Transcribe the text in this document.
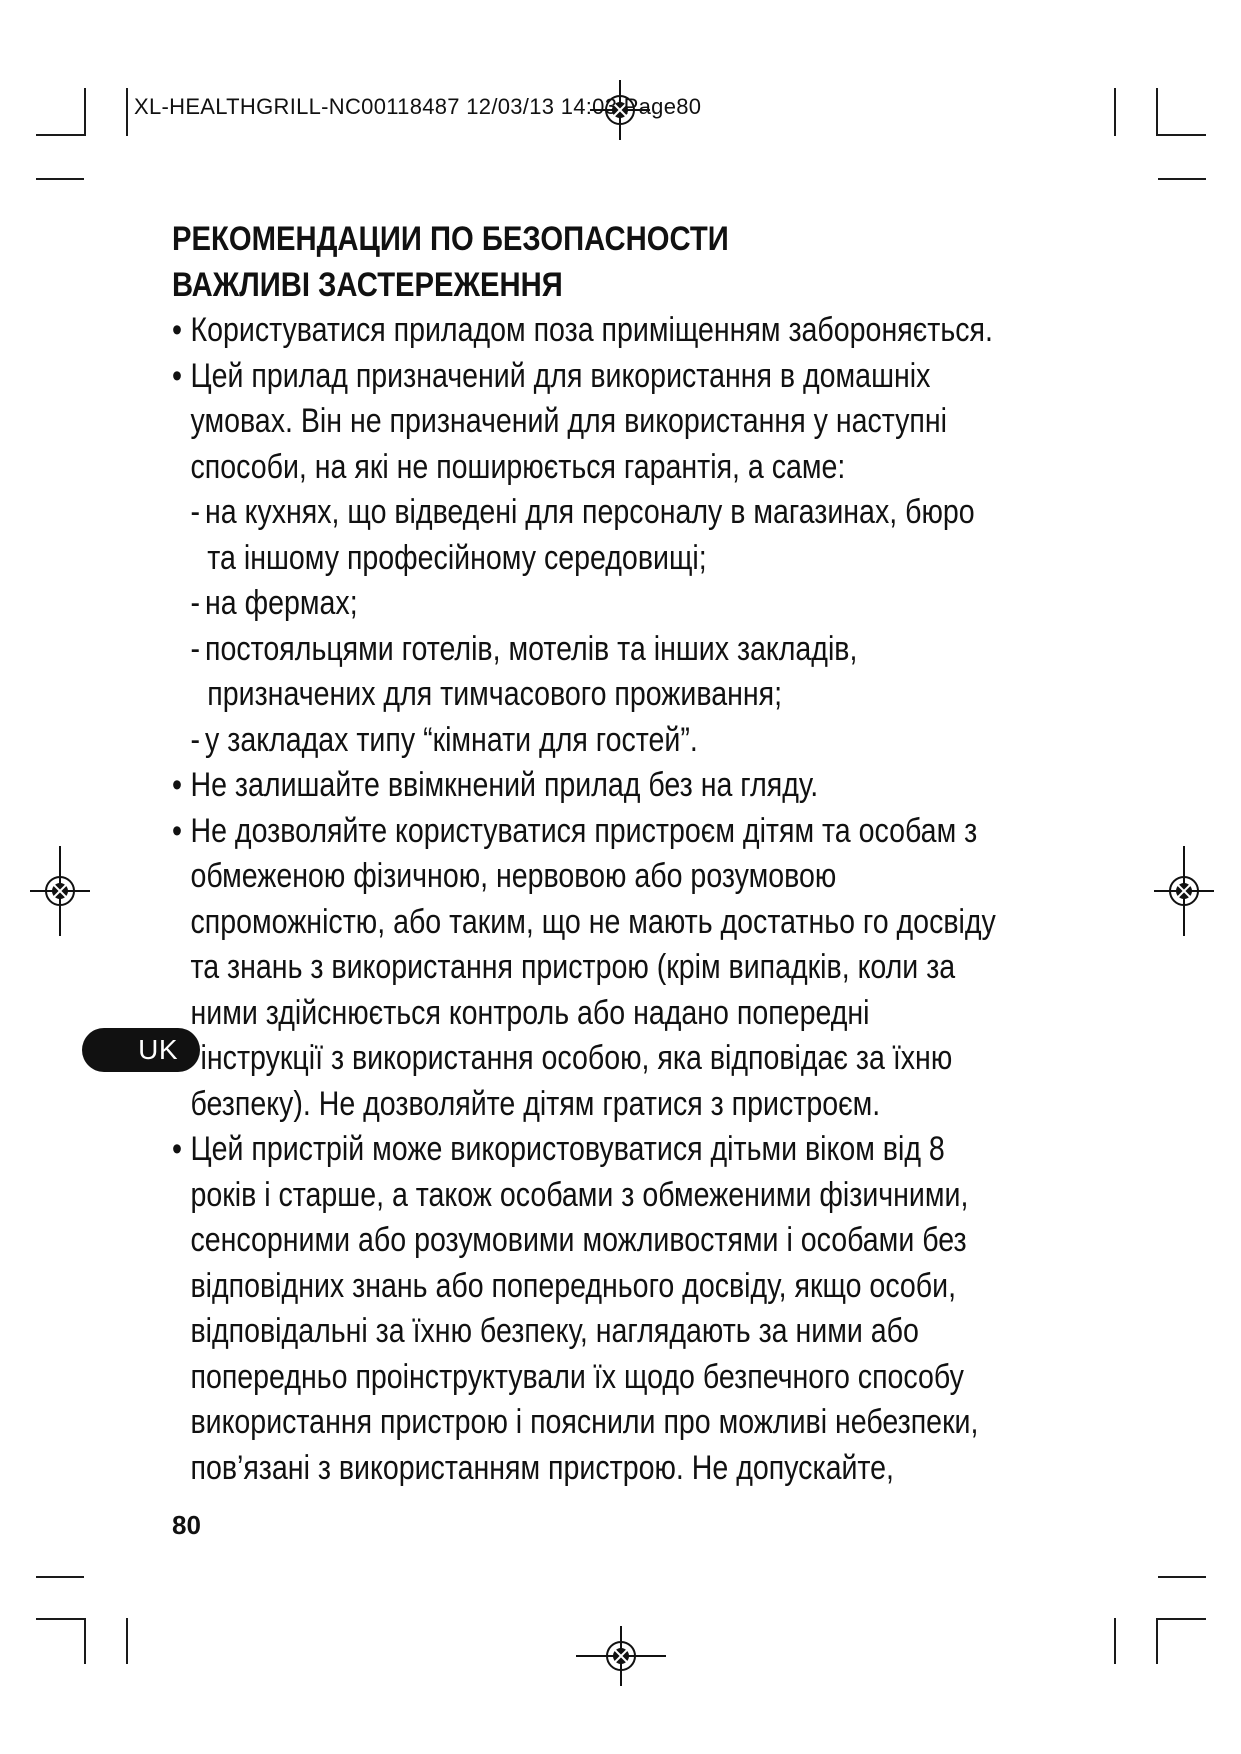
XL-HEALTHGRILL-NC00118487 12/03/13 14:03 Page80
РЕКОМЕНДАЦИИ ПО БЕЗОПАСНОСТИ
ВАЖЛИВІ ЗАСТЕРЕЖЕННЯ
• Користуватися приладом поза приміщенням забороняється.
• Цей прилад призначений для використання в домашніх
умовах. Він не призначений для використання у наступні
способи, на які не поширюється гарантія, а саме:
- на кухнях, що відведені для персоналу в магазинах, бюро
та іншому професійному середовищі;
- на фермах;
- постояльцями готелів, мотелів та інших закладів,
призначених для тимчасового проживання;
- у закладах типу “кімнати для гостей”.
• Не залишайте ввімкнений прилад без на гляду.
• Не дозволяйте користуватися пристроєм дітям та особам з
обмеженою фізичною, нервовою або розумовою
спроможністю, або таким, що не мають достатньо го досвіду
та знань з використання пристрою (крім випадків, коли за
ними здійснюється контроль або надано попередні
інструкції з використання особою, яка відповідає за їхню
безпеку). Не дозволяйте дітям гратися з пристроєм.
• Цей пристрій може використовуватися дітьми віком від 8
років і старше, а також особами з обмеженими фізичними,
сенсорними або розумовими можливостями і особами без
відповідних знань або попереднього досвіду, якщо особи,
відповідальні за їхню безпеку, наглядають за ними або
попередньо проінструктували їх щодо безпечного способу
використання пристрою і пояснили про можливі небезпеки,
пов’язані з використанням пристрою. Не допускайте,
UK
80
